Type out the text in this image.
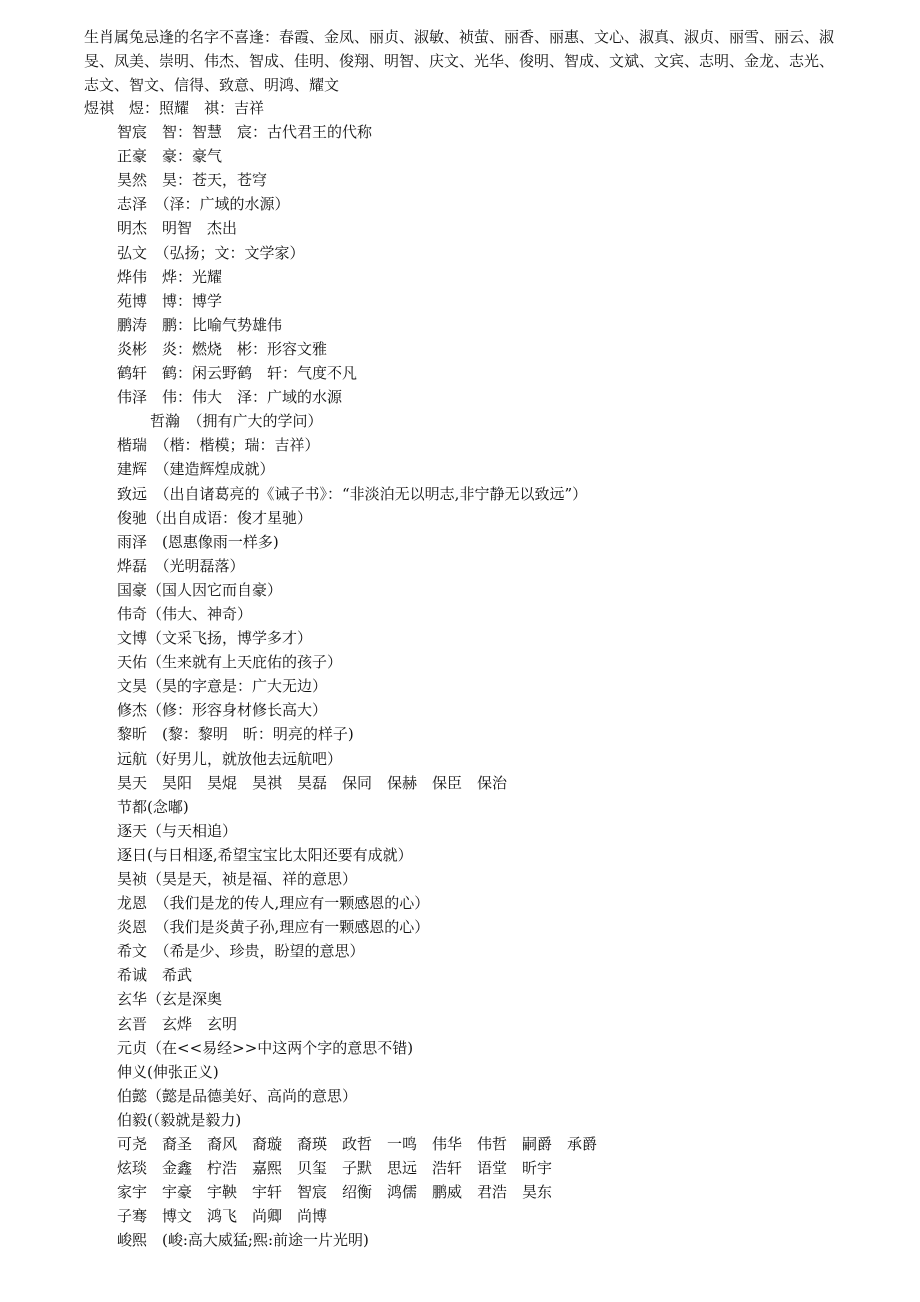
生肖属兔忌逢的名字不喜逢：春霞、金凤、丽贞、淑敏、祯萤、丽香、丽惠、文心、淑真、淑贞、丽雪、丽云、淑旻、凤美、崇明、伟杰、智成、佳明、俊翔、明智、庆文、光华、俊明、智成、文斌、文宾、志明、金龙、志光、志文、智文、信得、致意、明鸿、耀文

煜祺　煜：照耀　祺：吉祥

智宸　智：智慧　宸：古代君王的代称

正豪　豪：豪气

昊然　昊：苍天，苍穹

志泽　（泽：广域的水源）

明杰　明智　杰出

弘文　（弘扬；文：文学家）

烨伟　烨：光耀

苑博　博：博学

鹏涛　鹏：比喻气势雄伟

炎彬　炎：燃烧　彬：形容文雅

鹤轩　鹤：闲云野鹤　轩：气度不凡

伟泽　伟：伟大　泽：广域的水源

哲瀚　（拥有广大的学问）

楷瑞　（楷：楷模；瑞：吉祥）

建辉　（建造辉煌成就）

致远　（出自诸葛亮的《诫子书》：“非淡泊无以明志,非宁静无以致远”）

俊驰（出自成语：俊才星驰）

雨泽　(恩惠像雨一样多)

烨磊　（光明磊落）

国豪（国人因它而自豪）

伟奇（伟大、神奇）

文博（文采飞扬，博学多才）

天佑（生来就有上天庇佑的孩子）

文昊（昊的字意是：广大无边）

修杰（修：形容身材修长高大）

黎昕　(黎：黎明　昕：明亮的样子)

远航（好男儿，就放他去远航吧）

昊天　昊阳　昊焜　昊祺　昊磊　保同　保赫　保臣　保治

节都(念嘟)

逐天（与天相追）

逐日(与日相逐,希望宝宝比太阳还要有成就）

昊祯（昊是天，祯是福、祥的意思）

龙恩　（我们是龙的传人,理应有一颗感恩的心）

炎恩　（我们是炎黄子孙,理应有一颗感恩的心）

希文　（希是少、珍贵，盼望的意思）

希诚　希武

玄华（玄是深奥

玄晋　玄烨　玄明

元贞（在<<易经>>中这两个字的意思不错)

伸义(伸张正义)

伯懿（懿是品德美好、高尚的意思）

伯毅(（毅就是毅力)

可尧　裔圣　裔风　裔璇　裔瑛　政哲　一鸣　伟华　伟哲　嗣爵　承爵

炫琰　金鑫　柠浩　嘉熙　贝玺　子默　思远　浩轩　语堂　昕宇

家宇　宇豪　宇鞅　宇轩　智宸　绍衡　鸿儒　鹏威　君浩　昊东

子骞　博文　鸿飞　尚卿　尚博

峻熙　(峻:高大威猛;熙:前途一片光明)
